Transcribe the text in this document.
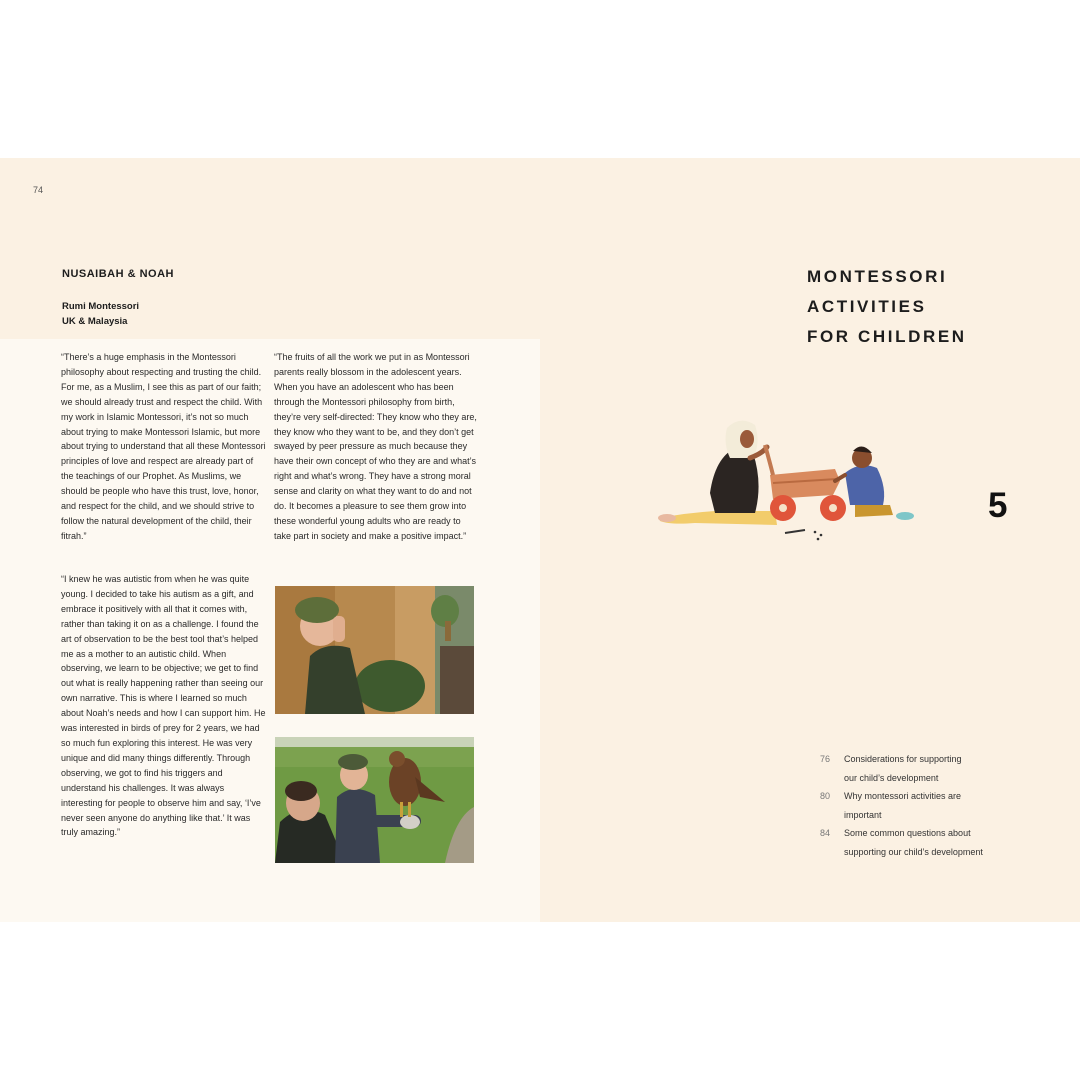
74
NUSAIBAH & NOAH
Rumi Montessori
UK & Malaysia
“There’s a huge emphasis in the Montessori philosophy about respecting and trusting the child. For me, as a Muslim, I see this as part of our faith; we should already trust and respect the child. With my work in Islamic Montessori, it’s not so much about trying to make Montessori Islamic, but more about trying to understand that all these Montessori principles of love and respect are already part of the teachings of our Prophet. As Muslims, we should be people who have this trust, love, honor, and respect for the child, and we should strive to follow the natural development of the child, their fitrah.”
“I knew he was autistic from when he was quite young. I decided to take his autism as a gift, and embrace it positively with all that it comes with, rather than taking it on as a challenge. I found the art of observation to be the best tool that’s helped me as a mother to an autistic child. When observing, we learn to be objective; we get to find out what is really happening rather than seeing our own narrative. This is where I learned so much about Noah’s needs and how I can support him. He was interested in birds of prey for 2 years, we had so much fun exploring this interest. He was very unique and did many things differently. Through observing, we got to find his triggers and understand his challenges. It was always interesting for people to observe him and say, ‘I’ve never seen anyone do anything like that.’ It was truly amazing.”
“The fruits of all the work we put in as Montessori parents really blossom in the adolescent years. When you have an adolescent who has been through the Montessori philosophy from birth, they’re very self-directed: They know who they are, they know who they want to be, and they don’t get swayed by peer pressure as much because they have their own concept of who they are and what’s right and what’s wrong. They have a strong moral sense and clarity on what they want to do and not do. It becomes a pleasure to see them grow into these wonderful young adults who are ready to take part in society and make a positive impact.”
MONTESSORI
ACTIVITIES
FOR CHILDREN
5
76	Considerations for supporting
our child’s development
80	Why montessori activities are
important
84	Some common questions about
supporting our child’s development
